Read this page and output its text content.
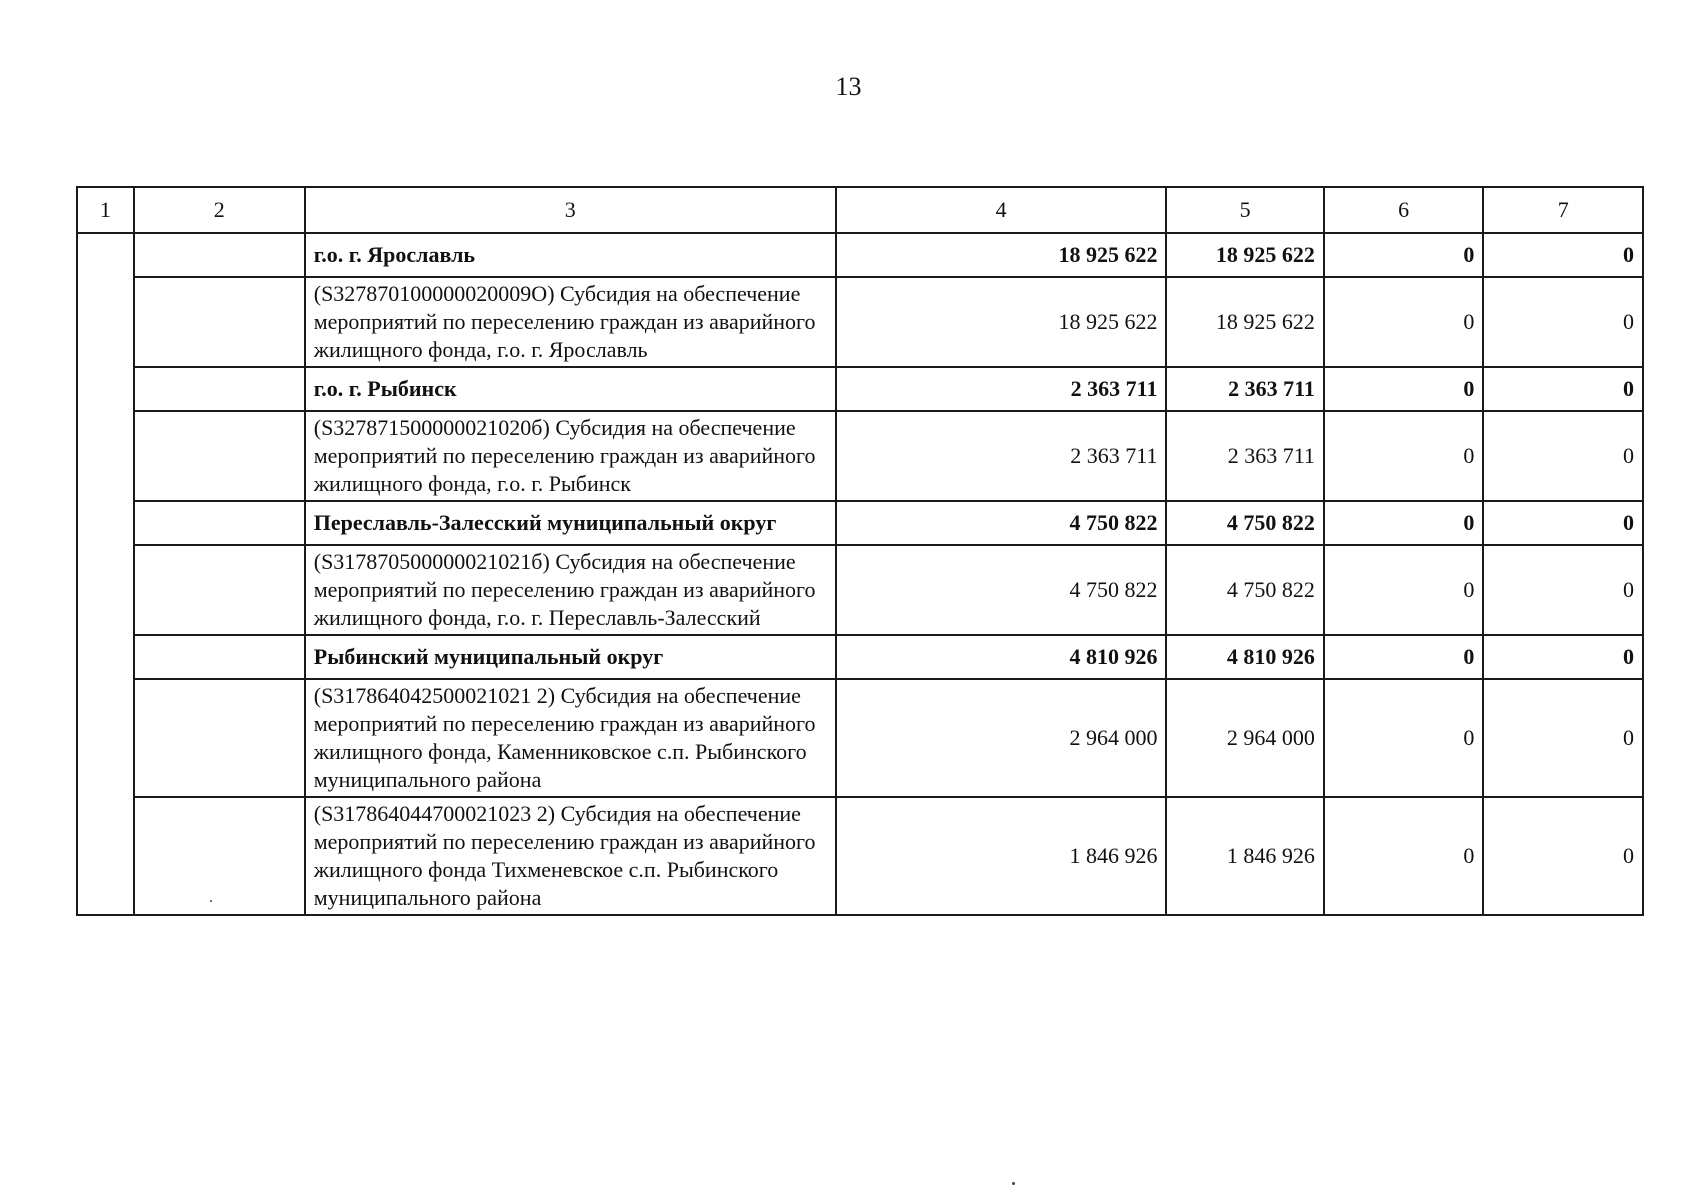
13
1	2	3	4	5	6	7
		г.о. г. Ярославль	18 925 622	18 925 622	0	0
		(S327870100000020009O) Субсидия на обеспечение мероприятий по переселению граждан из аварийного жилищного фонда, г.о. г. Ярославль	18 925 622	18 925 622	0	0
		г.о. г. Рыбинск	2 363 711	2 363 711	0	0
		(S327871500000021020б) Субсидия на обеспечение мероприятий по переселению граждан из аварийного жилищного фонда, г.о. г. Рыбинск	2 363 711	2 363 711	0	0
		Переславль-Залесский муниципальный округ	4 750 822	4 750 822	0	0
		(S317870500000021021б) Субсидия на обеспечение мероприятий по переселению граждан из аварийного жилищного фонда, г.о. г. Переславль-Залесский	4 750 822	4 750 822	0	0
		Рыбинский муниципальный округ	4 810 926	4 810 926	0	0
		(S317864042500021021 2) Субсидия на обеспечение мероприятий по переселению граждан из аварийного жилищного фонда, Каменниковское с.п. Рыбинского муниципального района	2 964 000	2 964 000	0	0
		(S317864044700021023 2) Субсидия на обеспечение мероприятий по переселению граждан из аварийного жилищного фонда Тихменевское с.п. Рыбинского муниципального района	1 846 926	1 846 926	0	0
